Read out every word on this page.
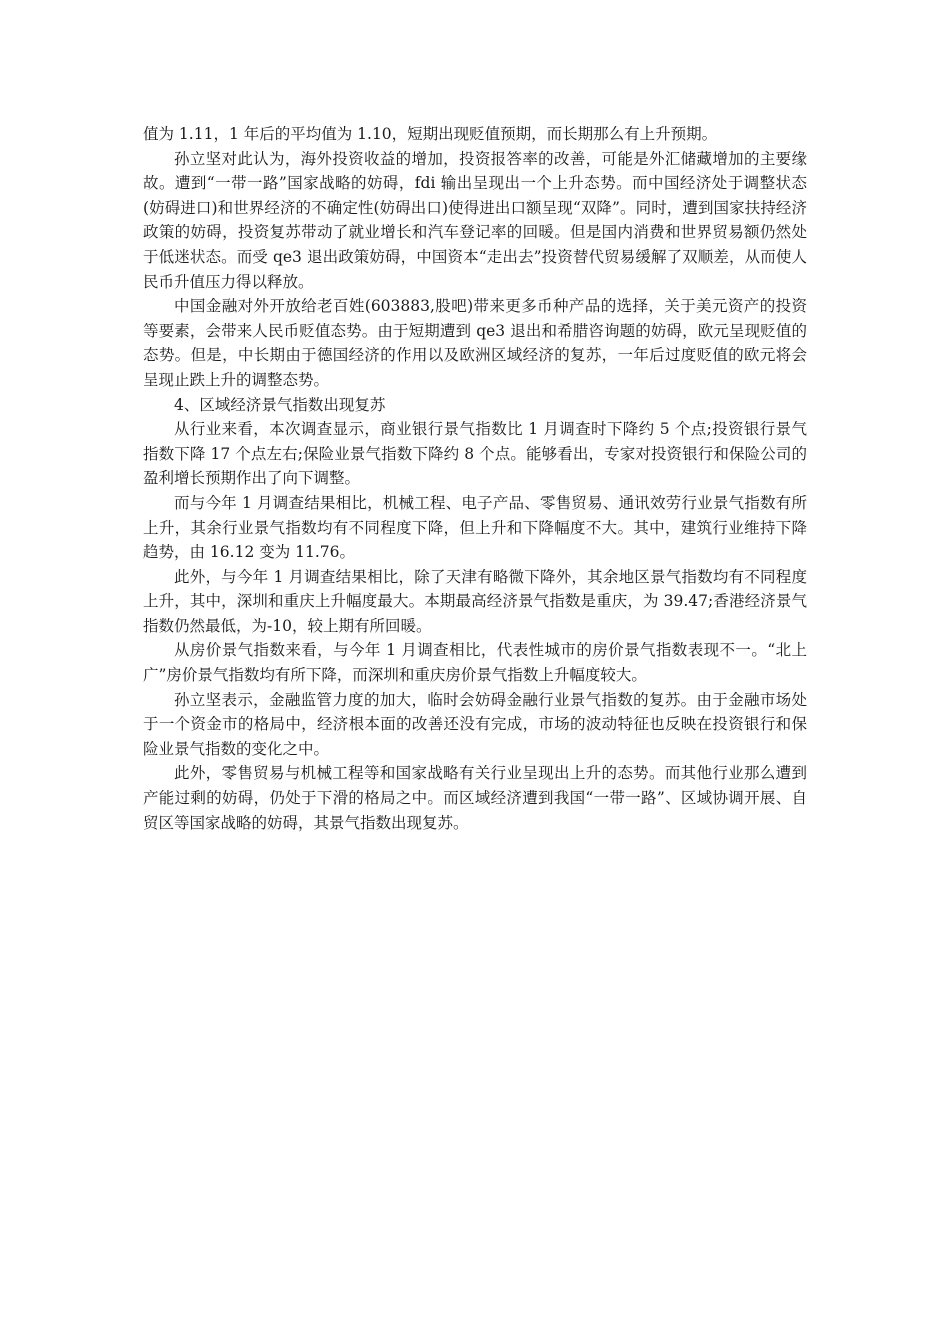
值为 1.11，1 年后的平均值为 1.10，短期出现贬值预期，而长期那么有上升预期。

孙立坚对此认为，海外投资收益的增加，投资报答率的改善，可能是外汇储藏增加的主要缘故。遭到“一带一路”国家战略的妨碍，fdi 输出呈现出一个上升态势。而中国经济处于调整状态(妨碍进口)和世界经济的不确定性(妨碍出口)使得进出口额呈现“双降”。同时，遭到国家扶持经济政策的妨碍，投资复苏带动了就业增长和汽车登记率的回暖。但是国内消费和世界贸易额仍然处于低迷状态。而受 qe3 退出政策妨碍，中国资本“走出去”投资替代贸易缓解了双顺差，从而使人民币升值压力得以释放。

中国金融对外开放给老百姓(603883,股吧)带来更多币种产品的选择，关于美元资产的投资等要素，会带来人民币贬值态势。由于短期遭到 qe3 退出和希腊咨询题的妨碍，欧元呈现贬值的态势。但是，中长期由于德国经济的作用以及欧洲区域经济的复苏，一年后过度贬值的欧元将会呈现止跌上升的调整态势。

4、区域经济景气指数出现复苏

从行业来看，本次调查显示，商业银行景气指数比 1 月调查时下降约 5 个点;投资银行景气指数下降 17 个点左右;保险业景气指数下降约 8 个点。能够看出，专家对投资银行和保险公司的盈利增长预期作出了向下调整。

而与今年 1 月调查结果相比，机械工程、电子产品、零售贸易、通讯效劳行业景气指数有所上升，其余行业景气指数均有不同程度下降，但上升和下降幅度不大。其中，建筑行业维持下降趋势，由 16.12 变为 11.76。

此外，与今年 1 月调查结果相比，除了天津有略微下降外，其余地区景气指数均有不同程度上升，其中，深圳和重庆上升幅度最大。本期最高经济景气指数是重庆，为 39.47;香港经济景气指数仍然最低，为-10，较上期有所回暖。

从房价景气指数来看，与今年 1 月调查相比，代表性城市的房价景气指数表现不一。“北上广”房价景气指数均有所下降，而深圳和重庆房价景气指数上升幅度较大。

孙立坚表示，金融监管力度的加大，临时会妨碍金融行业景气指数的复苏。由于金融市场处于一个资金市的格局中，经济根本面的改善还没有完成，市场的波动特征也反映在投资银行和保险业景气指数的变化之中。

此外，零售贸易与机械工程等和国家战略有关行业呈现出上升的态势。而其他行业那么遭到产能过剩的妨碍，仍处于下滑的格局之中。而区域经济遭到我国“一带一路”、区域协调开展、自贸区等国家战略的妨碍，其景气指数出现复苏。
